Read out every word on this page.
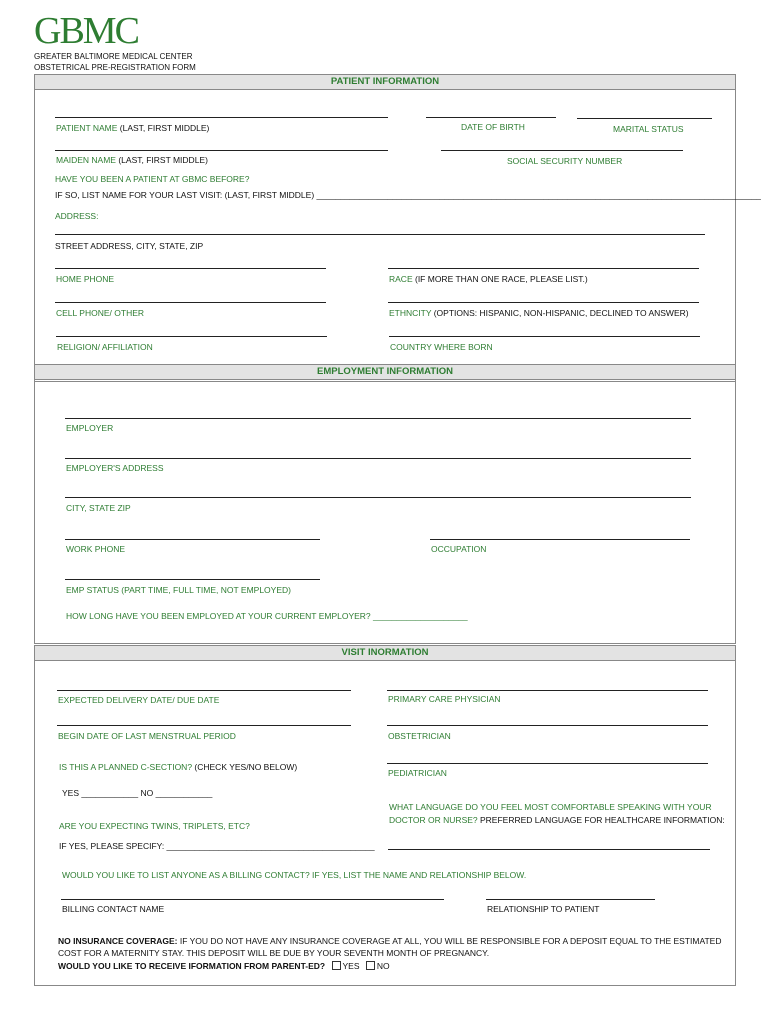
GBMC
GREATER BALTIMORE MEDICAL CENTER
OBSTETRICAL PRE-REGISTRATION FORM
PATIENT INFORMATION
PATIENT NAME (LAST, FIRST MIDDLE)	DATE OF BIRTH	MARITAL STATUS
MAIDEN NAME (LAST, FIRST MIDDLE)	SOCIAL SECURITY NUMBER
HAVE YOU BEEN A PATIENT AT GBMC BEFORE?
IF SO, LIST NAME FOR YOUR LAST VISIT: (LAST, FIRST MIDDLE) ______________________________________________________________________________________________
ADDRESS:
STREET ADDRESS, CITY, STATE, ZIP
HOME PHONE	RACE (IF MORE THAN ONE RACE, PLEASE LIST.)
CELL PHONE/ OTHER	ETHNCITY (OPTIONS: HISPANIC, NON-HISPANIC, DECLINED TO ANSWER)
RELIGION/ AFFILIATION	COUNTRY WHERE BORN
EMPLOYMENT INFORMATION
EMPLOYER
EMPLOYER'S ADDRESS
CITY, STATE ZIP
WORK PHONE	OCCUPATION
EMP STATUS (PART TIME, FULL TIME, NOT EMPLOYED)
HOW LONG HAVE YOU BEEN EMPLOYED AT YOUR CURRENT EMPLOYER? ____________________
VISIT INORMATION
EXPECTED DELIVERY DATE/ DUE DATE	PRIMARY CARE PHYSICIAN
BEGIN DATE OF LAST MENSTRUAL PERIOD	OBSTETRICIAN
IS THIS A PLANNED C-SECTION? (CHECK YES/NO BELOW)
PEDIATRICIAN
YES ____________ NO ____________
WHAT LANGUAGE DO YOU FEEL MOST COMFORTABLE SPEAKING WITH YOUR
DOCTOR OR NURSE? PREFERRED LANGUAGE FOR HEALTHCARE INFORMATION:
ARE YOU EXPECTING TWINS, TRIPLETS, ETC?
IF YES, PLEASE SPECIFY: ____________________________________________
WOULD YOU LIKE TO LIST ANYONE AS A BILLING CONTACT? IF YES, LIST THE NAME AND RELATIONSHIP BELOW.
BILLING CONTACT NAME	RELATIONSHIP TO PATIENT
NO INSURANCE COVERAGE: IF YOU DO NOT HAVE ANY INSURANCE COVERAGE AT ALL, YOU WILL BE RESPONSIBLE FOR A DEPOSIT EQUAL TO THE ESTIMATED
COST FOR A MATERNITY STAY. THIS DEPOSIT WILL BE DUE BY YOUR SEVENTH MONTH OF PREGNANCY.
WOULD YOU LIKE TO RECEIVE IFORMATION FROM PARENT-ED? YES NO
